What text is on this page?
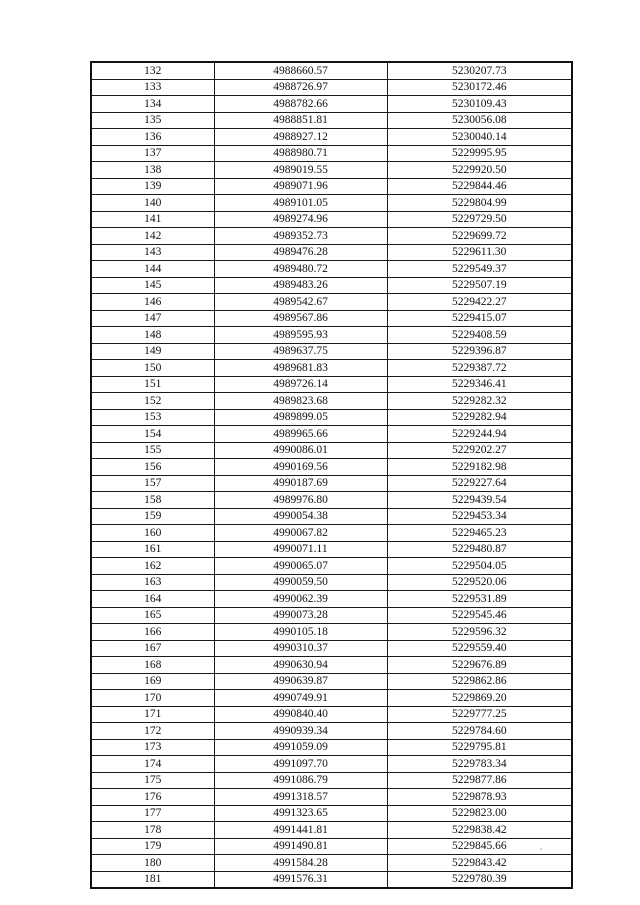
132	4988660.57	5230207.73
133	4988726.97	5230172.46
134	4988782.66	5230109.43
135	4988851.81	5230056.08
136	4988927.12	5230040.14
137	4988980.71	5229995.95
138	4989019.55	5229920.50
139	4989071.96	5229844.46
140	4989101.05	5229804.99
141	4989274.96	5229729.50
142	4989352.73	5229699.72
143	4989476.28	5229611.30
144	4989480.72	5229549.37
145	4989483.26	5229507.19
146	4989542.67	5229422.27
147	4989567.86	5229415.07
148	4989595.93	5229408.59
149	4989637.75	5229396.87
150	4989681.83	5229387.72
151	4989726.14	5229346.41
152	4989823.68	5229282.32
153	4989899.05	5229282.94
154	4989965.66	5229244.94
155	4990086.01	5229202.27
156	4990169.56	5229182.98
157	4990187.69	5229227.64
158	4989976.80	5229439.54
159	4990054.38	5229453.34
160	4990067.82	5229465.23
161	4990071.11	5229480.87
162	4990065.07	5229504.05
163	4990059.50	5229520.06
164	4990062.39	5229531.89
165	4990073.28	5229545.46
166	4990105.18	5229596.32
167	4990310.37	5229559.40
168	4990630.94	5229676.89
169	4990639.87	5229862.86
170	4990749.91	5229869.20
171	4990840.40	5229777.25
172	4990939.34	5229784.60
173	4991059.09	5229795.81
174	4991097.70	5229783.34
175	4991086.79	5229877.86
176	4991318.57	5229878.93
177	4991323.65	5229823.00
178	4991441.81	5229838.42
179	4991490.81	5229845.66
180	4991584.28	5229843.42
181	4991576.31	5229780.39
